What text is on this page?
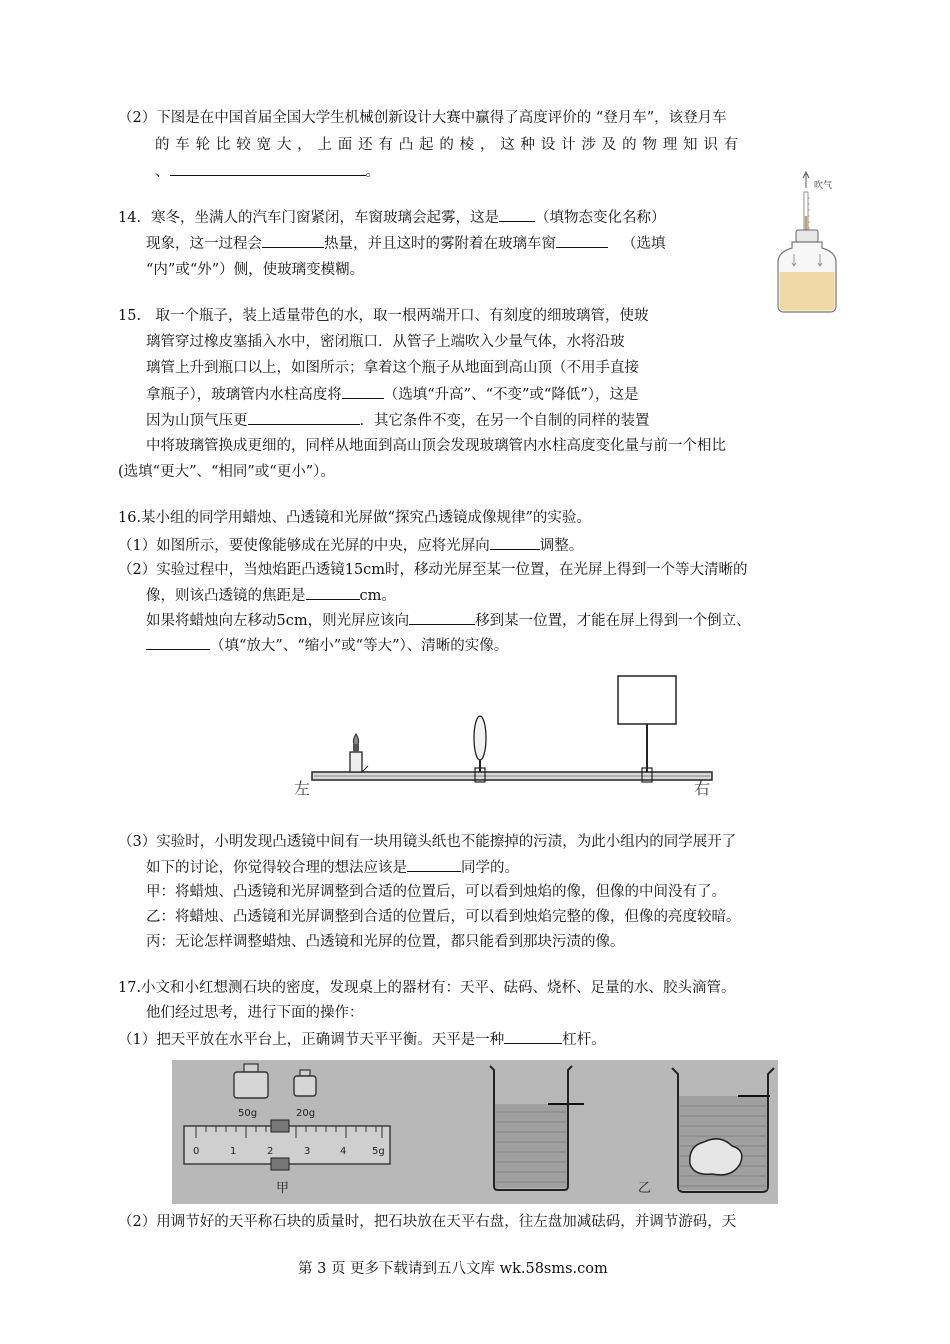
（2）下图是在中国首届全国大学生机械创新设计大赛中赢得了高度评价的 “登月车”，该登月车
的 车 轮 比 较 宽 大 ， 上 面 还 有 凸 起 的 棱 ， 这 种 设 计 涉 及 的 物 理 知 识 有
、	。
14．寒冬，坐满人的汽车门窗紧闭，车窗玻璃会起雾，这是 （填物态变化名称）
现象，这一过程会	热量，并且这时的雾附着在玻璃车窗	（选填
“内”或“外”）侧，使玻璃变模糊。
吹气
15.　取一个瓶子，装上适量带色的水，取一根两端开口、有刻度的细玻璃管，使玻
璃管穿过橡皮塞插入水中，密闭瓶口．从管子上端吹入少量气体，水将沿玻
璃管上升到瓶口以上，如图所示；拿着这个瓶子从地面到高山顶（不用手直接
拿瓶子），玻璃管内水柱高度将	（选填“升高”、“不变”或“降低”），这是
因为山顶气压更	．其它条件不变，在另一个自制的同样的装置
中将玻璃管换成更细的，同样从地面到高山顶会发现玻璃管内水柱高度变化量与前一个相比
(选填“更大”、“相同”或“更小”）。
16.某小组的同学用蜡烛、凸透镜和光屏做“探究凸透镜成像规律”的实验。
（1）如图所示，要使像能够成在光屏的中央，应将光屏向	调整。
（2）实验过程中，当烛焰距凸透镜15cm时，移动光屏至某一位置，在光屏上得到一个等大清晰的
像，则该凸透镜的焦距是	cm。
如果将蜡烛向左移动5cm，则光屏应该向	移到某一位置，才能在屏上得到一个倒立、
（填“放大”、“缩小”或“等大”）、清晰的实像。
左	右
（3）实验时，小明发现凸透镜中间有一块用镜头纸也不能擦掉的污渍，为此小组内的同学展开了
如下的讨论，你觉得较合理的想法应该是	同学的。
甲：将蜡烛、凸透镜和光屏调整到合适的位置后，可以看到烛焰的像，但像的中间没有了。
乙：将蜡烛、凸透镜和光屏调整到合适的位置后，可以看到烛焰完整的像，但像的亮度较暗。
丙：无论怎样调整蜡烛、凸透镜和光屏的位置，都只能看到那块污渍的像。
17.小文和小红想测石块的密度，发现桌上的器材有：天平、砝码、烧杯、足量的水、胶头滴管。
他们经过思考，进行下面的操作：
（1）把天平放在水平台上，正确调节天平平衡。天平是一种	杠杆。
50g	20g
0	1	2	3	4	5g
甲	乙
（2）用调节好的天平称石块的质量时，把石块放在天平右盘，往左盘加减砝码，并调节游码，天
第 3 页 更多下载请到五八文库 wk.58sms.com
